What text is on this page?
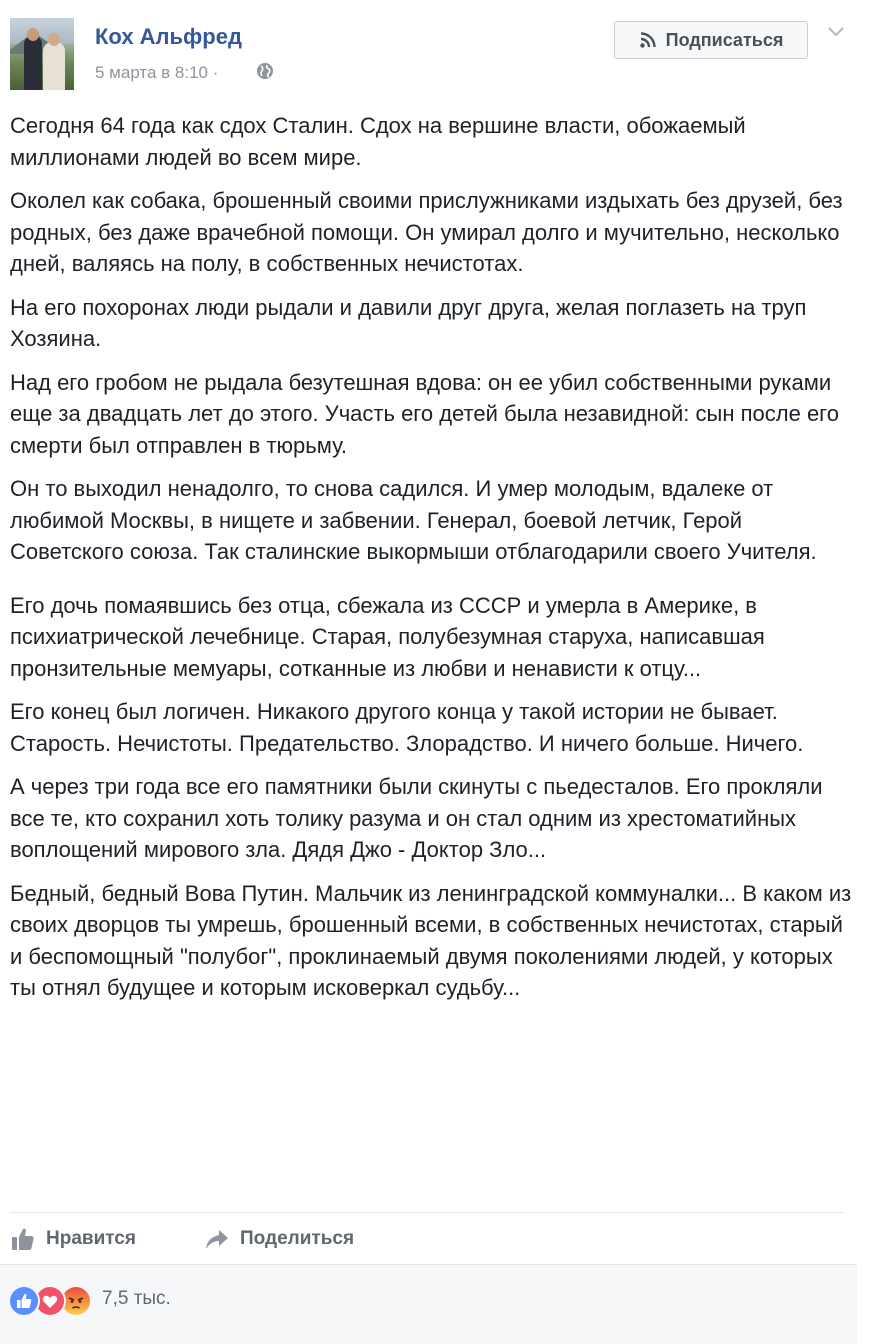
Кох Альфред
5 марта в 8:10 ·
Подписаться

Сегодня 64 года как сдох Сталин. Сдох на вершине власти, обожаемый миллионами людей во всем мире.

Околел как собака, брошенный своими прислужниками издыхать без друзей, без родных, без даже врачебной помощи. Он умирал долго и мучительно, несколько дней, валяясь на полу, в собственных нечистотах.

На его похоронах люди рыдали и давили друг друга, желая поглазеть на труп Хозяина.

Над его гробом не рыдала безутешная вдова: он ее убил собственными руками еще за двадцать лет до этого. Участь его детей была незавидной: сын после его смерти был отправлен в тюрьму.

Он то выходил ненадолго, то снова садился. И умер молодым, вдалеке от любимой Москвы, в нищете и забвении. Генерал, боевой летчик, Герой Советского союза. Так сталинские выкормыши отблагодарили своего Учителя.

Его дочь помаявшись без отца, сбежала из СССР и умерла в Америке, в психиатрической лечебнице. Старая, полубезумная старуха, написавшая пронзительные мемуары, сотканные из любви и ненависти к отцу...

Его конец был логичен. Никакого другого конца у такой истории не бывает. Старость. Нечистоты. Предательство. Злорадство. И ничего больше. Ничего.

А через три года все его памятники были скинуты с пьедесталов. Его прокляли все те, кто сохранил хоть толику разума и он стал одним из хрестоматийных воплощений мирового зла. Дядя Джо - Доктор Зло...

Бедный, бедный Вова Путин. Мальчик из ленинградской коммуналки... В каком из своих дворцов ты умрешь, брошенный всеми, в собственных нечистотах, старый и беспомощный "полубог", проклинаемый двумя поколениями людей, у которых ты отнял будущее и которым исковеркал судьбу...

Нравится	Поделиться
7,5 тыс.
